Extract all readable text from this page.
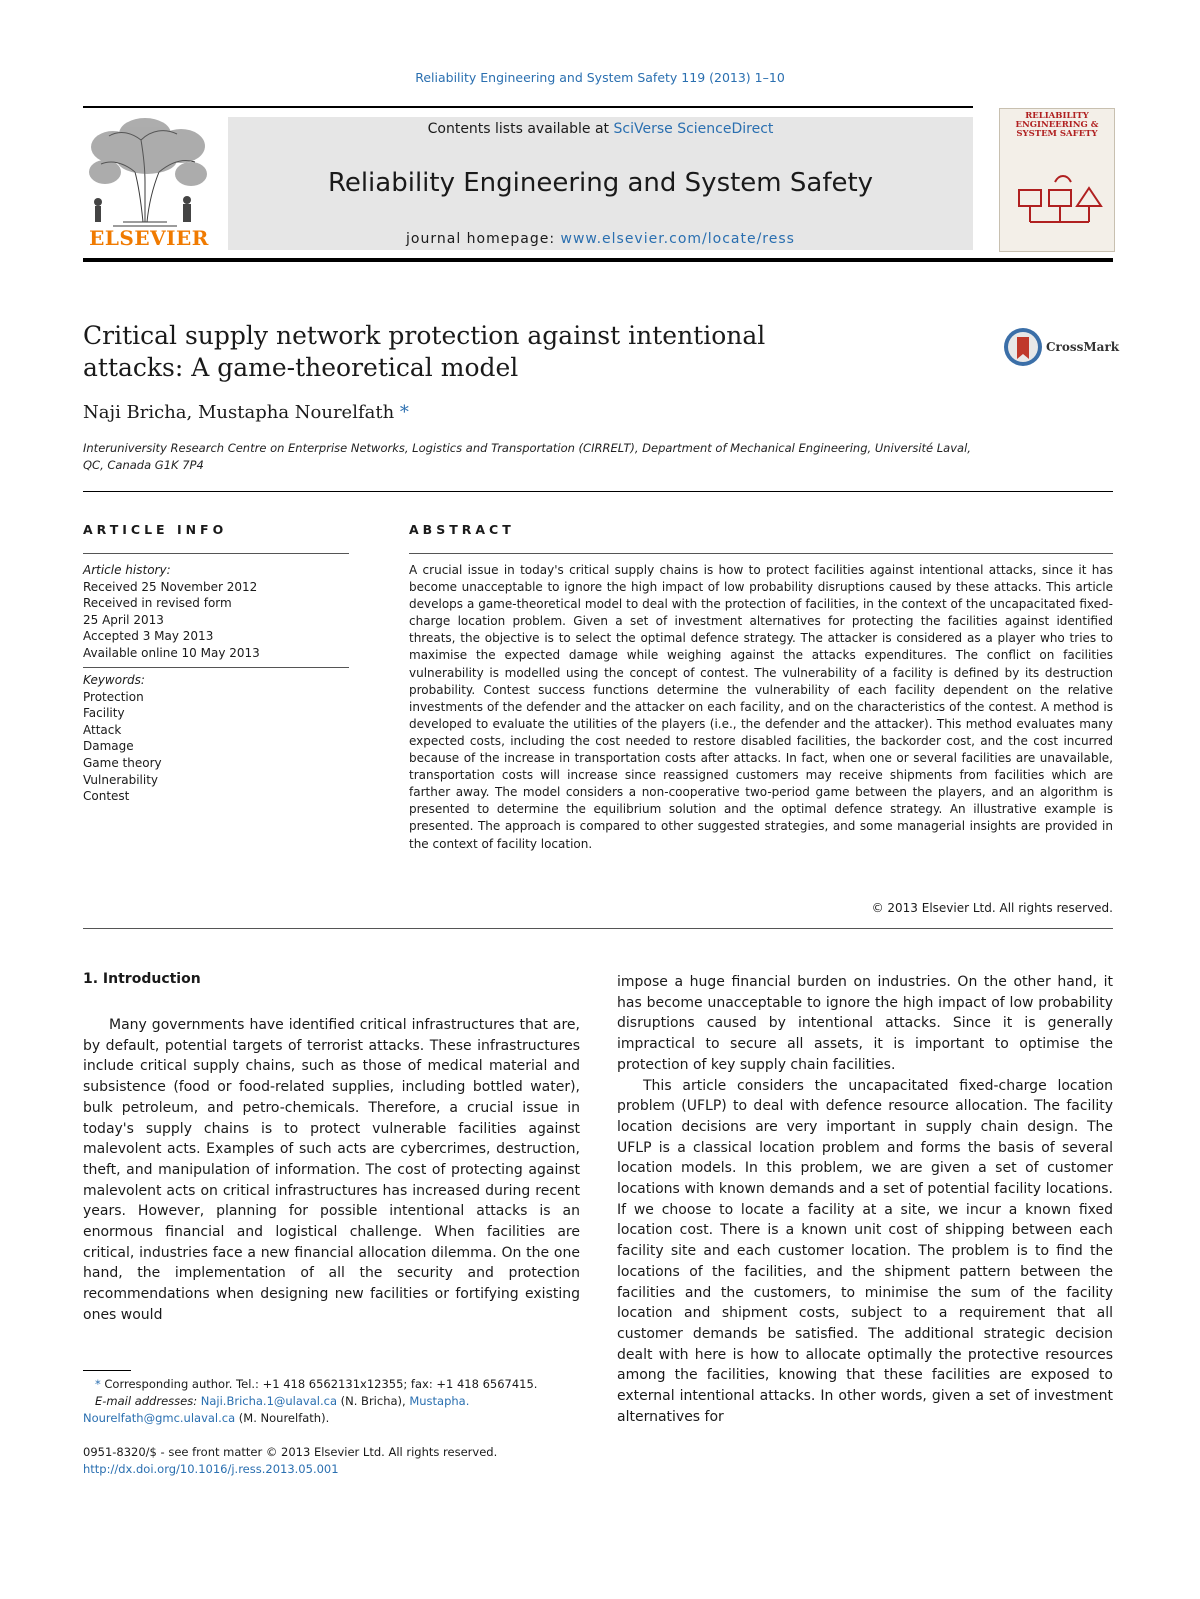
Reliability Engineering and System Safety 119 (2013) 1–10
ELSEVIER
Contents lists available at SciVerse ScienceDirect
Reliability Engineering and System Safety
journal homepage: www.elsevier.com/locate/ress
RELIABILITY ENGINEERING & SYSTEM SAFETY
Critical supply network protection against intentional
attacks: A game-theoretical model
CrossMark
Naji Bricha, Mustapha Nourelfath *
Interuniversity Research Centre on Enterprise Networks, Logistics and Transportation (CIRRELT), Department of Mechanical Engineering, Université Laval,
QC, Canada G1K 7P4
ARTICLE INFO	ABSTRACT
Article history:
Received 25 November 2012
Received in revised form
25 April 2013
Accepted 3 May 2013
Available online 10 May 2013
Keywords:
Protection
Facility
Attack
Damage
Game theory
Vulnerability
Contest
A crucial issue in today's critical supply chains is how to protect facilities against intentional attacks, since it has become unacceptable to ignore the high impact of low probability disruptions caused by these attacks. This article develops a game-theoretical model to deal with the protection of facilities, in the context of the uncapacitated fixed-charge location problem. Given a set of investment alternatives for protecting the facilities against identified threats, the objective is to select the optimal defence strategy. The attacker is considered as a player who tries to maximise the expected damage while weighing against the attacks expenditures. The conflict on facilities vulnerability is modelled using the concept of contest. The vulnerability of a facility is defined by its destruction probability. Contest success functions determine the vulnerability of each facility dependent on the relative investments of the defender and the attacker on each facility, and on the characteristics of the contest. A method is developed to evaluate the utilities of the players (i.e., the defender and the attacker). This method evaluates many expected costs, including the cost needed to restore disabled facilities, the backorder cost, and the cost incurred because of the increase in transportation costs after attacks. In fact, when one or several facilities are unavailable, transportation costs will increase since reassigned customers may receive shipments from facilities which are farther away. The model considers a non-cooperative two-period game between the players, and an algorithm is presented to determine the equilibrium solution and the optimal defence strategy. An illustrative example is presented. The approach is compared to other suggested strategies, and some managerial insights are provided in the context of facility location.
© 2013 Elsevier Ltd. All rights reserved.
1. Introduction

Many governments have identified critical infrastructures that are, by default, potential targets of terrorist attacks. These infrastructures include critical supply chains, such as those of medical material and subsistence (food or food-related supplies, including bottled water), bulk petroleum, and petro-chemicals. Therefore, a crucial issue in today's supply chains is to protect vulnerable facilities against malevolent acts. Examples of such acts are cybercrimes, destruction, theft, and manipulation of information. The cost of protecting against malevolent acts on critical infrastructures has increased during recent years. However, planning for possible intentional attacks is an enormous financial and logistical challenge. When facilities are critical, industries face a new financial allocation dilemma. On the one hand, the implementation of all the security and protection recommendations when designing new facilities or fortifying existing ones would

impose a huge financial burden on industries. On the other hand, it has become unacceptable to ignore the high impact of low probability disruptions caused by intentional attacks. Since it is generally impractical to secure all assets, it is important to optimise the protection of key supply chain facilities.

This article considers the uncapacitated fixed-charge location problem (UFLP) to deal with defence resource allocation. The facility location decisions are very important in supply chain design. The UFLP is a classical location problem and forms the basis of several location models. In this problem, we are given a set of customer locations with known demands and a set of potential facility locations. If we choose to locate a facility at a site, we incur a known fixed location cost. There is a known unit cost of shipping between each facility site and each customer location. The problem is to find the locations of the facilities, and the shipment pattern between the facilities and the customers, to minimise the sum of the facility location and shipment costs, subject to a requirement that all customer demands be satisfied. The additional strategic decision dealt with here is how to allocate optimally the protective resources among the facilities, knowing that these facilities are exposed to external intentional attacks. In other words, given a set of investment alternatives for

* Corresponding author. Tel.: +1 418 6562131x12355; fax: +1 418 6567415.
E-mail addresses: Naji.Bricha.1@ulaval.ca (N. Bricha), Mustapha.
Nourelfath@gmc.ulaval.ca (M. Nourelfath).
0951-8320/$ - see front matter © 2013 Elsevier Ltd. All rights reserved.
http://dx.doi.org/10.1016/j.ress.2013.05.001
